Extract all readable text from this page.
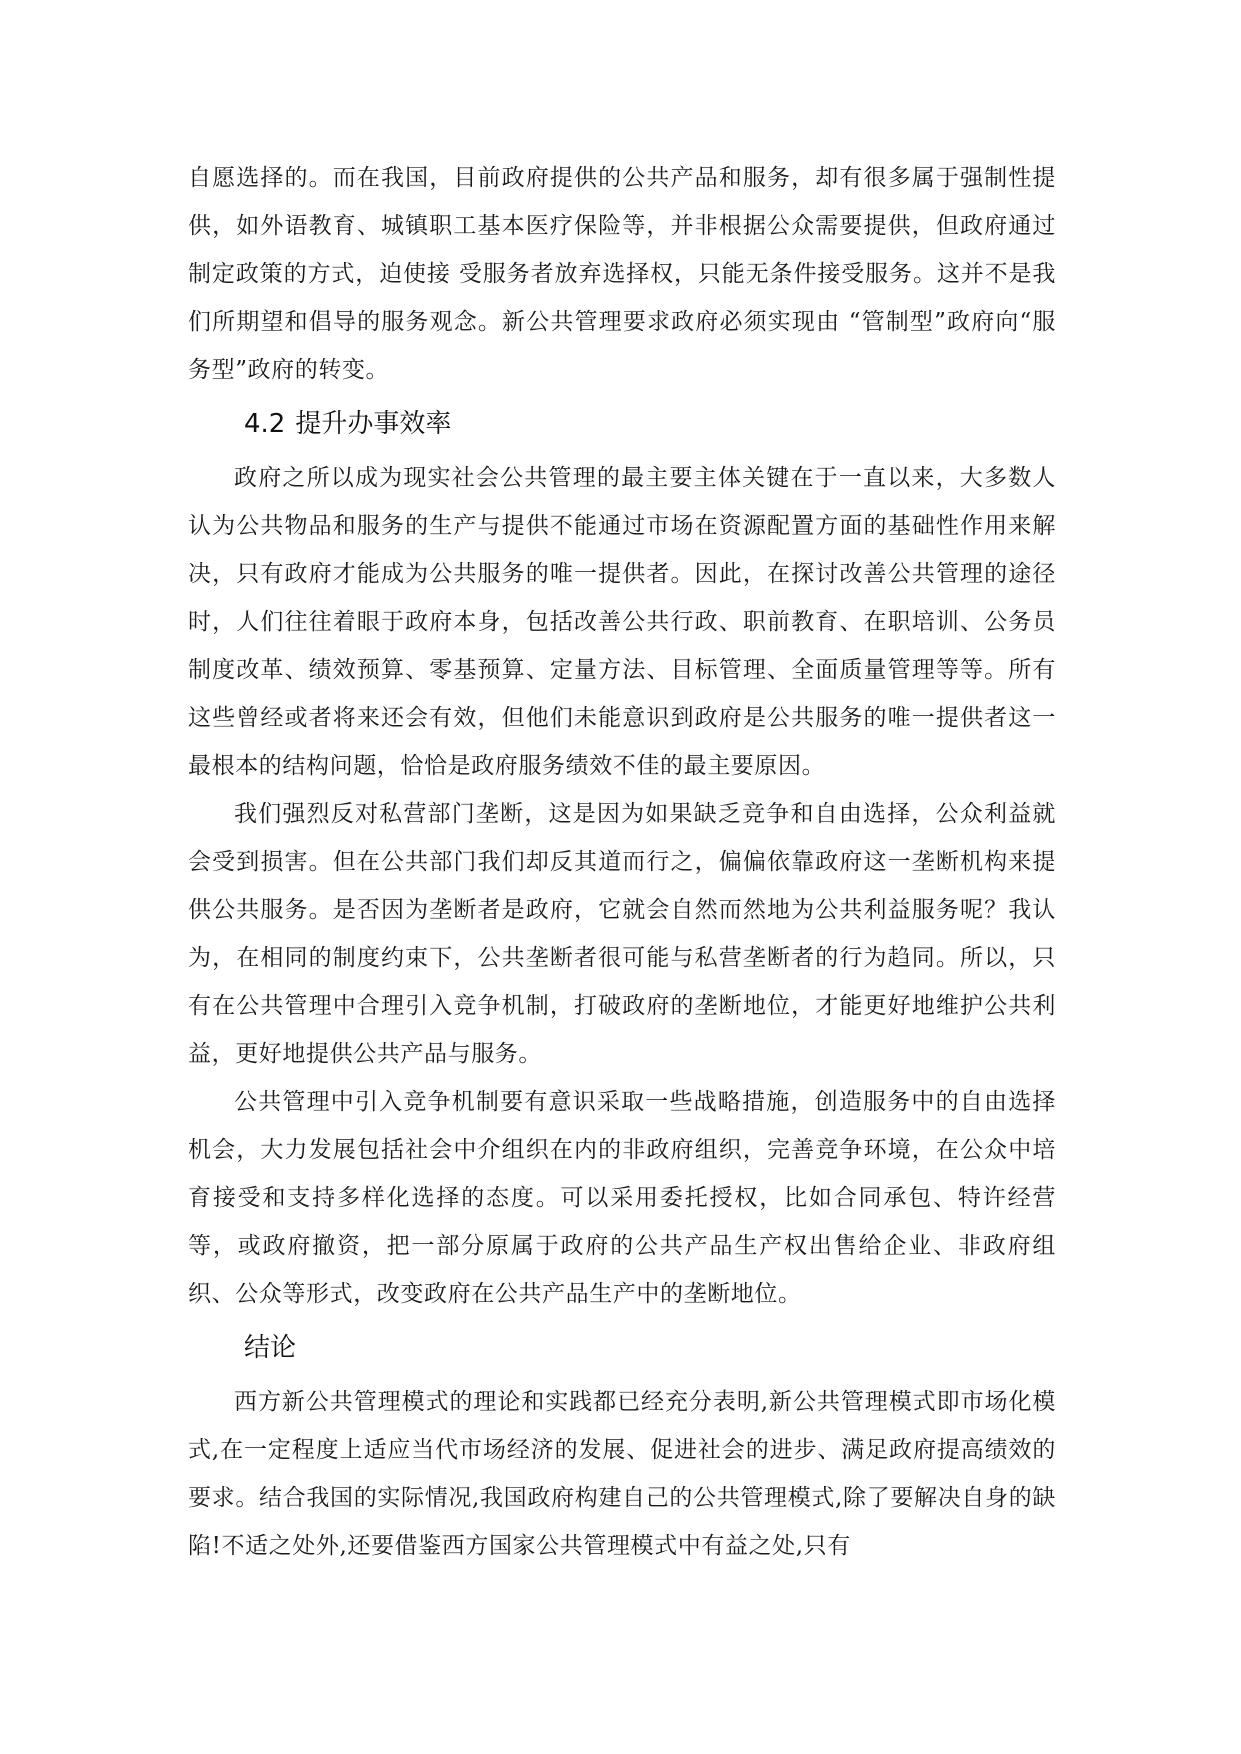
自愿选择的。而在我国，目前政府提供的公共产品和服务，却有很多属于强制性提供，如外语教育、城镇职工基本医疗保险等，并非根据公众需要提供，但政府通过制定政策的方式，迫使接 受服务者放弃选择权，只能无条件接受服务。这并不是我们所期望和倡导的服务观念。新公共管理要求政府必须实现由 “管制型”政府向“服务型”政府的转变。

4.2 提升办事效率

政府之所以成为现实社会公共管理的最主要主体关键在于一直以来，大多数人认为公共物品和服务的生产与提供不能通过市场在资源配置方面的基础性作用来解决，只有政府才能成为公共服务的唯一提供者。因此，在探讨改善公共管理的途径时，人们往往着眼于政府本身，包括改善公共行政、职前教育、在职培训、公务员制度改革、绩效预算、零基预算、定量方法、目标管理、全面质量管理等等。所有这些曾经或者将来还会有效，但他们未能意识到政府是公共服务的唯一提供者这一最根本的结构问题，恰恰是政府服务绩效不佳的最主要原因。

我们强烈反对私营部门垄断，这是因为如果缺乏竞争和自由选择，公众利益就会受到损害。但在公共部门我们却反其道而行之，偏偏依靠政府这一垄断机构来提供公共服务。是否因为垄断者是政府，它就会自然而然地为公共利益服务呢？我认为，在相同的制度约束下，公共垄断者很可能与私营垄断者的行为趋同。所以，只有在公共管理中合理引入竞争机制，打破政府的垄断地位，才能更好地维护公共利益，更好地提供公共产品与服务。

公共管理中引入竞争机制要有意识采取一些战略措施，创造服务中的自由选择机会，大力发展包括社会中介组织在内的非政府组织，完善竞争环境，在公众中培育接受和支持多样化选择的态度。可以采用委托授权，比如合同承包、特许经营等，或政府撤资，把一部分原属于政府的公共产品生产权出售给企业、非政府组织、公众等形式，改变政府在公共产品生产中的垄断地位。

结论

西方新公共管理模式的理论和实践都已经充分表明,新公共管理模式即市场化模式,在一定程度上适应当代市场经济的发展、促进社会的进步、满足政府提高绩效的要求。结合我国的实际情况,我国政府构建自己的公共管理模式,除了要解决自身的缺陷!不适之处外,还要借鉴西方国家公共管理模式中有益之处,只有
